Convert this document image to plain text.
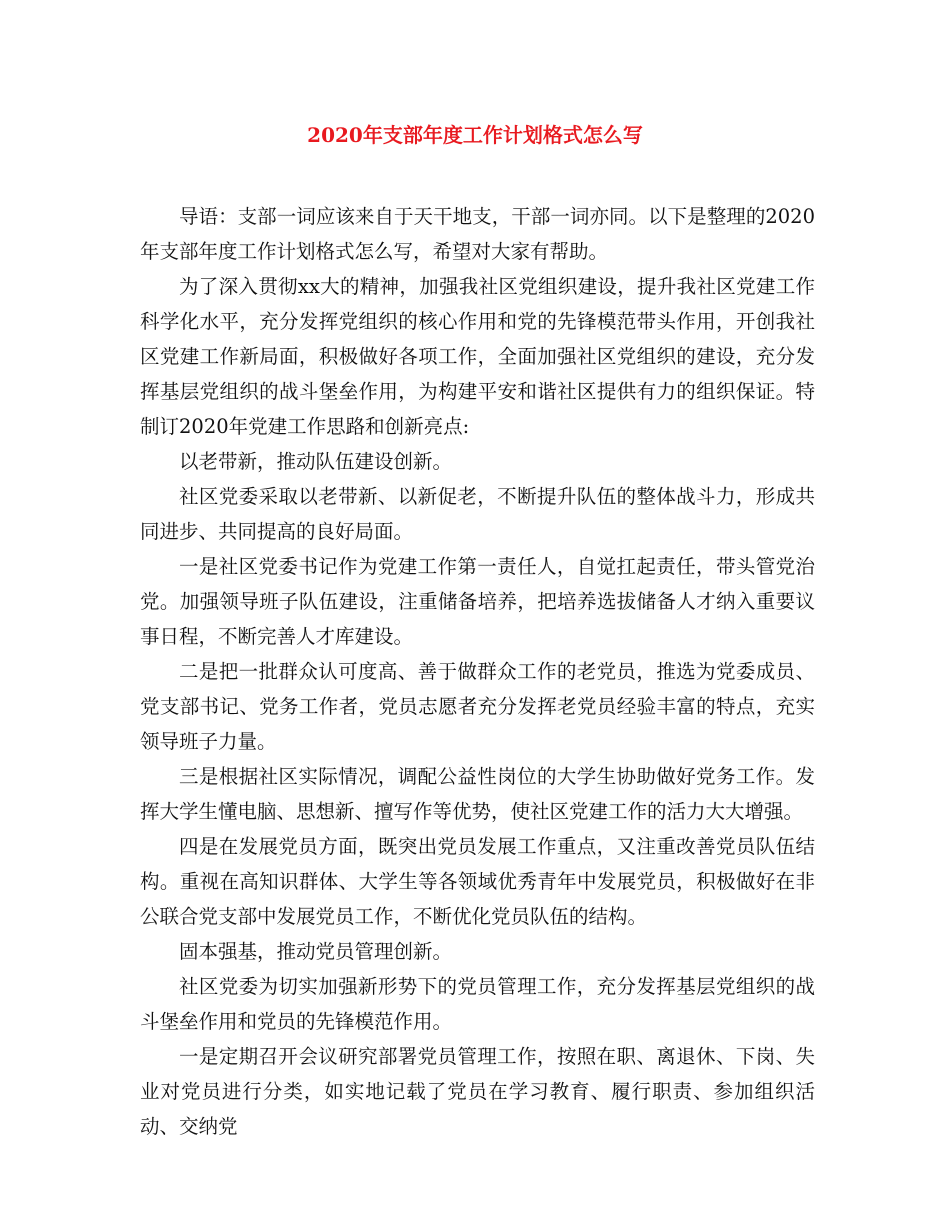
2020年支部年度工作计划格式怎么写

导语：支部一词应该来自于天干地支，干部一词亦同。以下是整理的2020年支部年度工作计划格式怎么写，希望对大家有帮助。

为了深入贯彻xx大的精神，加强我社区党组织建设，提升我社区党建工作科学化水平，充分发挥党组织的核心作用和党的先锋模范带头作用，开创我社区党建工作新局面，积极做好各项工作，全面加强社区党组织的建设，充分发挥基层党组织的战斗堡垒作用，为构建平安和谐社区提供有力的组织保证。特制订2020年党建工作思路和创新亮点:

以老带新，推动队伍建设创新。

社区党委采取以老带新、以新促老，不断提升队伍的整体战斗力，形成共同进步、共同提高的良好局面。

一是社区党委书记作为党建工作第一责任人，自觉扛起责任，带头管党治党。加强领导班子队伍建设，注重储备培养，把培养选拔储备人才纳入重要议事日程，不断完善人才库建设。

二是把一批群众认可度高、善于做群众工作的老党员，推选为党委成员、党支部书记、党务工作者，党员志愿者充分发挥老党员经验丰富的特点，充实领导班子力量。

三是根据社区实际情况，调配公益性岗位的大学生协助做好党务工作。发挥大学生懂电脑、思想新、擅写作等优势，使社区党建工作的活力大大增强。

四是在发展党员方面，既突出党员发展工作重点，又注重改善党员队伍结构。重视在高知识群体、大学生等各领域优秀青年中发展党员，积极做好在非公联合党支部中发展党员工作，不断优化党员队伍的结构。

固本强基，推动党员管理创新。

社区党委为切实加强新形势下的党员管理工作，充分发挥基层党组织的战斗堡垒作用和党员的先锋模范作用。

一是定期召开会议研究部署党员管理工作，按照在职、离退休、下岗、失业对党员进行分类，如实地记载了党员在学习教育、履行职责、参加组织活动、交纳党
